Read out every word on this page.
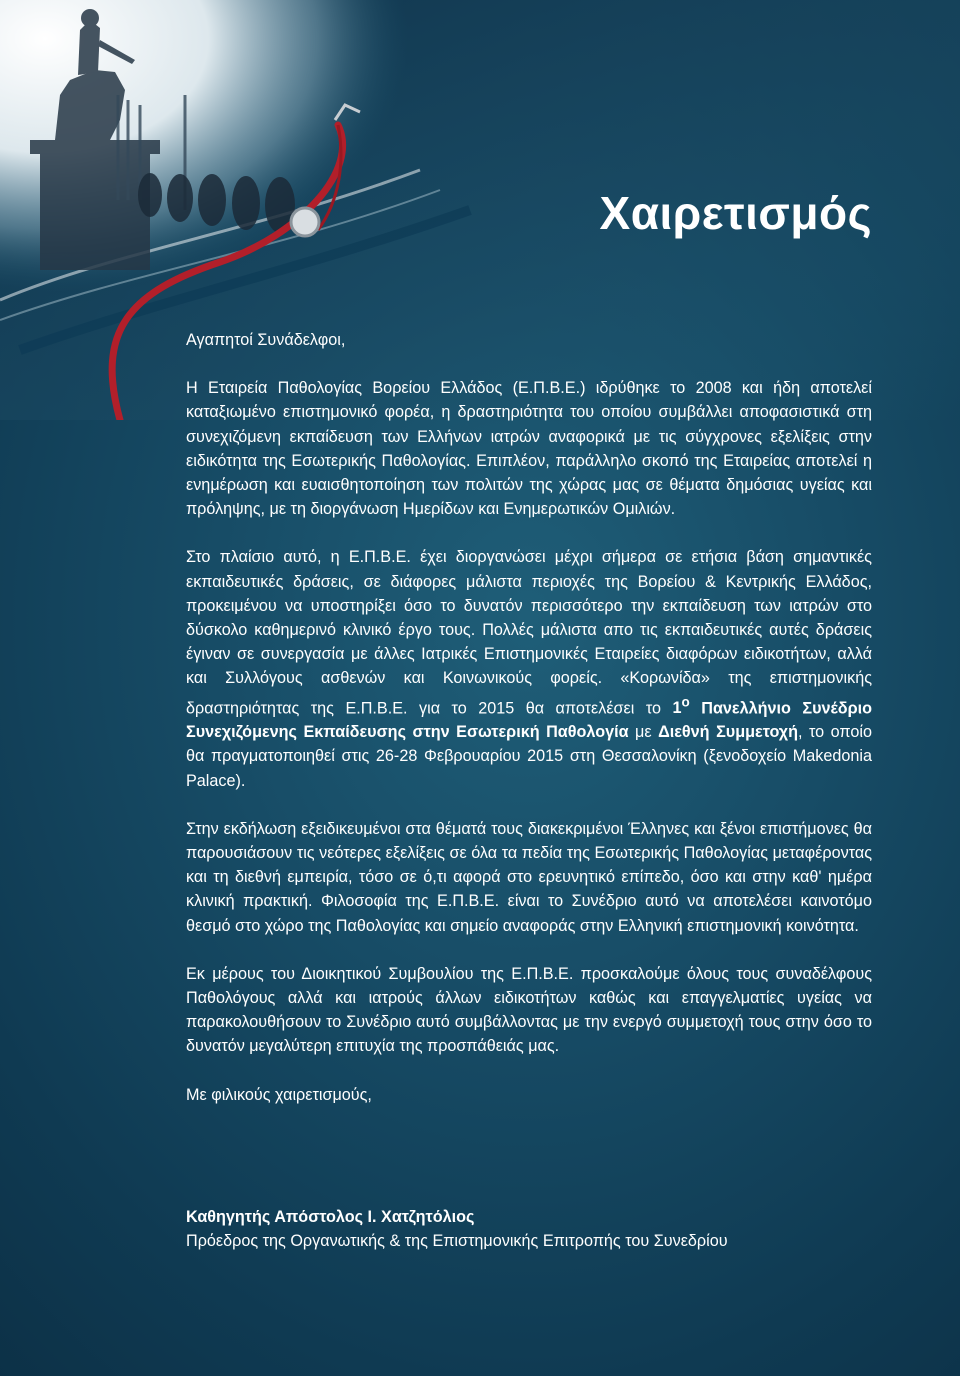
Χαιρετισμός

Αγαπητοί Συνάδελφοι,

Η Εταιρεία Παθολογίας Βορείου Ελλάδος (Ε.Π.Β.Ε.) ιδρύθηκε το 2008 και ήδη αποτελεί καταξιωμένο επιστημονικό φορέα, η δραστηριότητα του οποίου συμβάλλει αποφασιστικά στη συνεχιζόμενη εκπαίδευση των Ελλήνων ιατρών αναφορικά με τις σύγχρονες εξελίξεις στην ειδικότητα της Εσωτερικής Παθολογίας. Επιπλέον, παράλληλο σκοπό της Εταιρείας αποτελεί η ενημέρωση και ευαισθητοποίηση των πολιτών της χώρας μας σε θέματα δημόσιας υγείας και πρόληψης, με τη διοργάνωση Ημερίδων και Ενημερωτικών Ομιλιών.

Στο πλαίσιο αυτό, η Ε.Π.Β.Ε. έχει διοργανώσει μέχρι σήμερα σε ετήσια βάση σημαντικές εκπαιδευτικές δράσεις, σε διάφορες μάλιστα περιοχές της Βορείου & Κεντρικής Ελλάδος, προκειμένου να υποστηρίξει όσο το δυνατόν περισσότερο την εκπαίδευση των ιατρών στο δύσκολο καθημερινό κλινικό έργο τους. Πολλές μάλιστα απο τις εκπαιδευτικές αυτές δράσεις έγιναν σε συνεργασία με άλλες Ιατρικές Επιστημονικές Εταιρείες διαφόρων ειδικοτήτων, αλλά και Συλλόγους ασθενών και Κοινωνικούς φορείς. «Κορωνίδα» της επιστημονικής δραστηριότητας της Ε.Π.Β.Ε. για το 2015 θα αποτελέσει το $1^o$ Πανελλήνιο Συνέδριο Συνεχιζόμενης Εκπαίδευσης στην Εσωτερική Παθολογία με Διεθνή Συμμετοχή, το οποίο θα πραγματοποιηθεί στις 26-28 Φεβρουαρίου 2015 στη Θεσσαλονίκη (ξενοδοχείο Makedonia Palace).

Στην εκδήλωση εξειδικευμένοι στα θέματά τους διακεκριμένοι Έλληνες και ξένοι επιστήμονες θα παρουσιάσουν τις νεότερες εξελίξεις σε όλα τα πεδία της Εσωτερικής Παθολογίας μεταφέροντας και τη διεθνή εμπειρία, τόσο σε ό,τι αφορά στο ερευνητικό επίπεδο, όσο και στην καθ' ημέρα κλινική πρακτική. Φιλοσοφία της Ε.Π.Β.Ε. είναι το Συνέδριο αυτό να αποτελέσει καινοτόμο θεσμό στο χώρο της Παθολογίας και σημείο αναφοράς στην Ελληνική επιστημονική κοινότητα.

Εκ μέρους του Διοικητικού Συμβουλίου της Ε.Π.Β.Ε. προσκαλούμε όλους τους συναδέλφους Παθολόγους αλλά και ιατρούς άλλων ειδικοτήτων καθώς και επαγγελματίες υγείας να παρακολουθήσουν το Συνέδριο αυτό συμβάλλοντας με την ενεργό συμμετοχή τους στην όσο το δυνατόν μεγαλύτερη επιτυχία της προσπάθειάς μας.

Με φιλικούς χαιρετισμούς,

Καθηγητής Απόστολος Ι. Χατζητόλιος

Πρόεδρος της Οργανωτικής & της Επιστημονικής Επιτροπής του Συνεδρίου
